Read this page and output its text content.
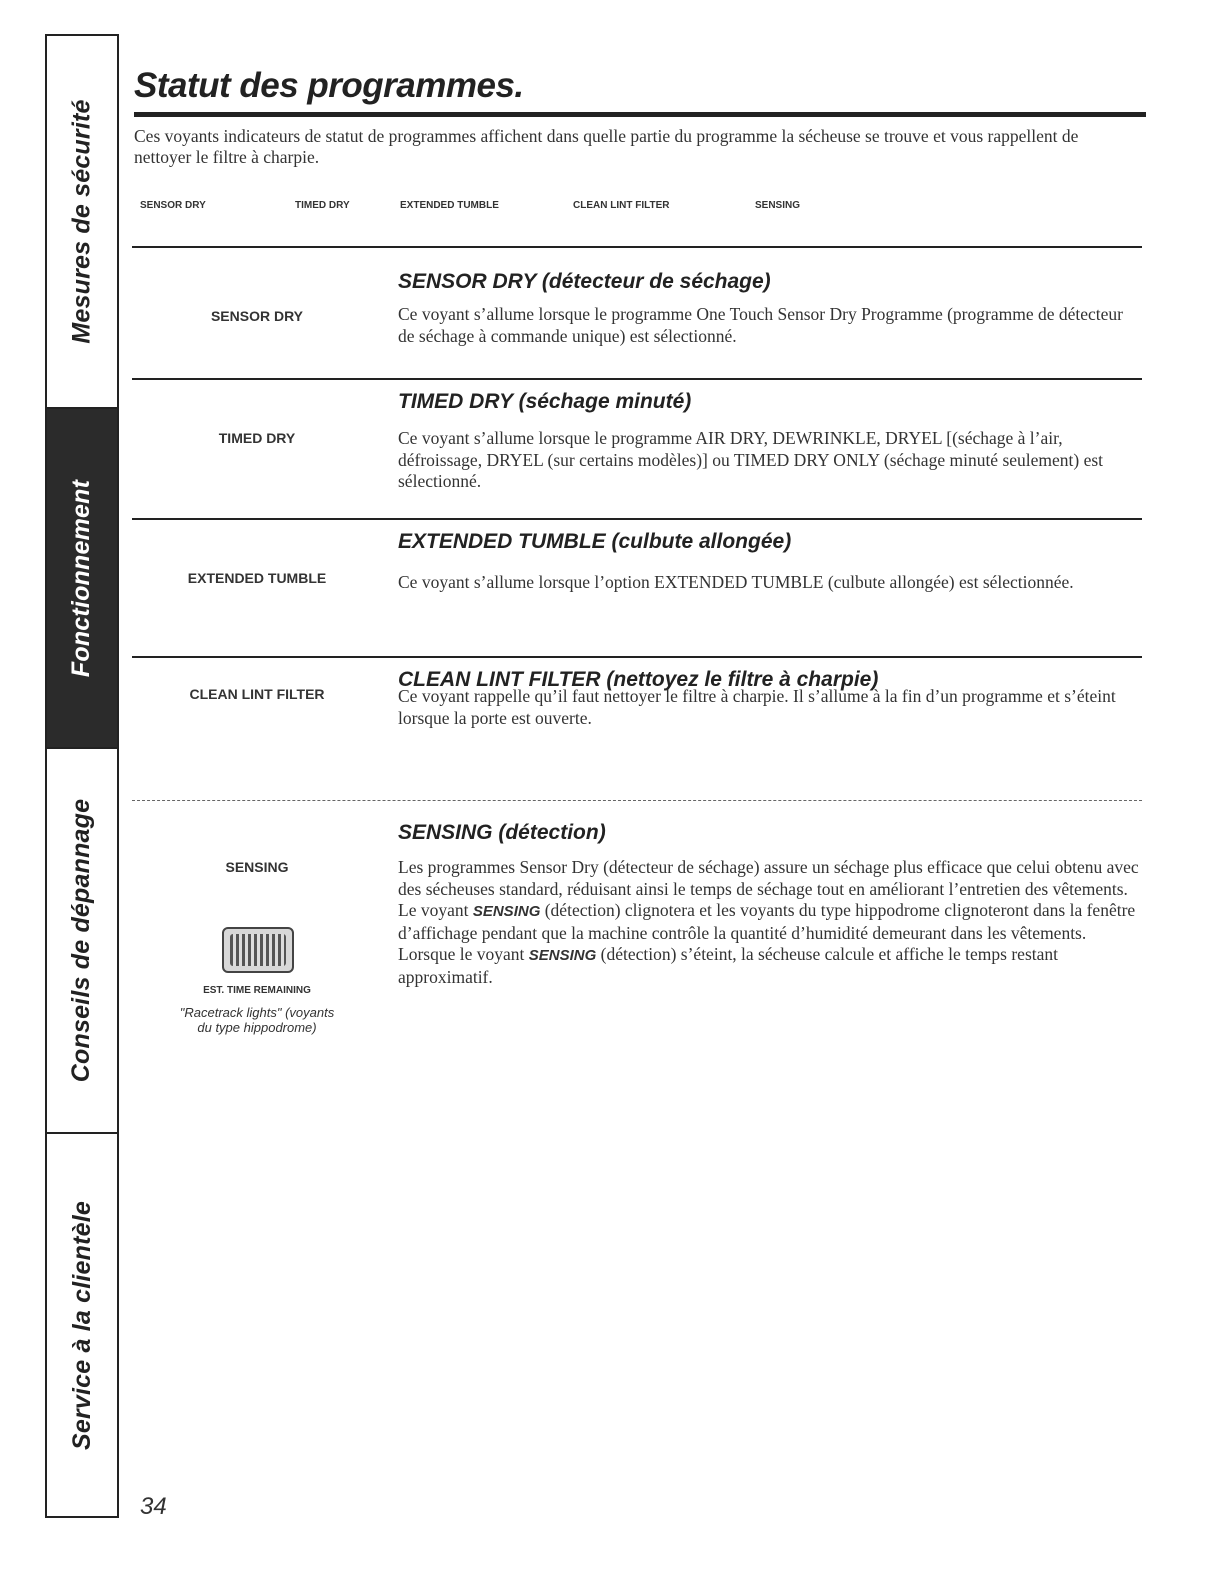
Mesures de sécurité
Fonctionnement
Conseils de dépannage
Service à la clientèle
Statut des programmes.

Ces voyants indicateurs de statut de programmes affichent dans quelle partie du programme la sécheuse se trouve et vous rappellent de nettoyer le filtre à charpie.

SENSOR DRY	TIMED DRY	EXTENDED TUMBLE	CLEAN LINT FILTER	SENSING
SENSOR DRY
SENSOR DRY (détecteur de séchage)

Ce voyant s’allume lorsque le programme One Touch Sensor Dry Programme (programme de détecteur de séchage à commande unique) est sélectionné.

TIMED DRY
TIMED DRY (séchage minuté)

Ce voyant s’allume lorsque le programme AIR DRY, DEWRINKLE, DRYEL [(séchage à l’air, défroissage, DRYEL (sur certains modèles)] ou TIMED DRY ONLY (séchage minuté seulement) est sélectionné.

EXTENDED TUMBLE
EXTENDED TUMBLE (culbute allongée)

Ce voyant s’allume lorsque l’option EXTENDED TUMBLE (culbute allongée) est sélectionnée.

CLEAN LINT FILTER
CLEAN LINT FILTER (nettoyez le filtre à charpie)

Ce voyant rappelle qu’il faut nettoyer le filtre à charpie. Il s’allume à la fin d’un programme et s’éteint lorsque la porte est ouverte.

SENSING
SENSING (détection)

Les programmes Sensor Dry (détecteur de séchage) assure un séchage plus efficace que celui obtenu avec des sécheuses standard, réduisant ainsi le temps de séchage tout en améliorant l’entretien des vêtements. Le voyant SENSING (détection) clignotera et les voyants du type hippodrome clignoteront dans la fenêtre d’affichage pendant que la machine contrôle la quantité d’humidité demeurant dans les vêtements. Lorsque le voyant SENSING (détection) s’éteint, la sécheuse calcule et affiche le temps restant approximatif.

EST. TIME REMAINING
"Racetrack lights" (voyants du type hippodrome)
34
